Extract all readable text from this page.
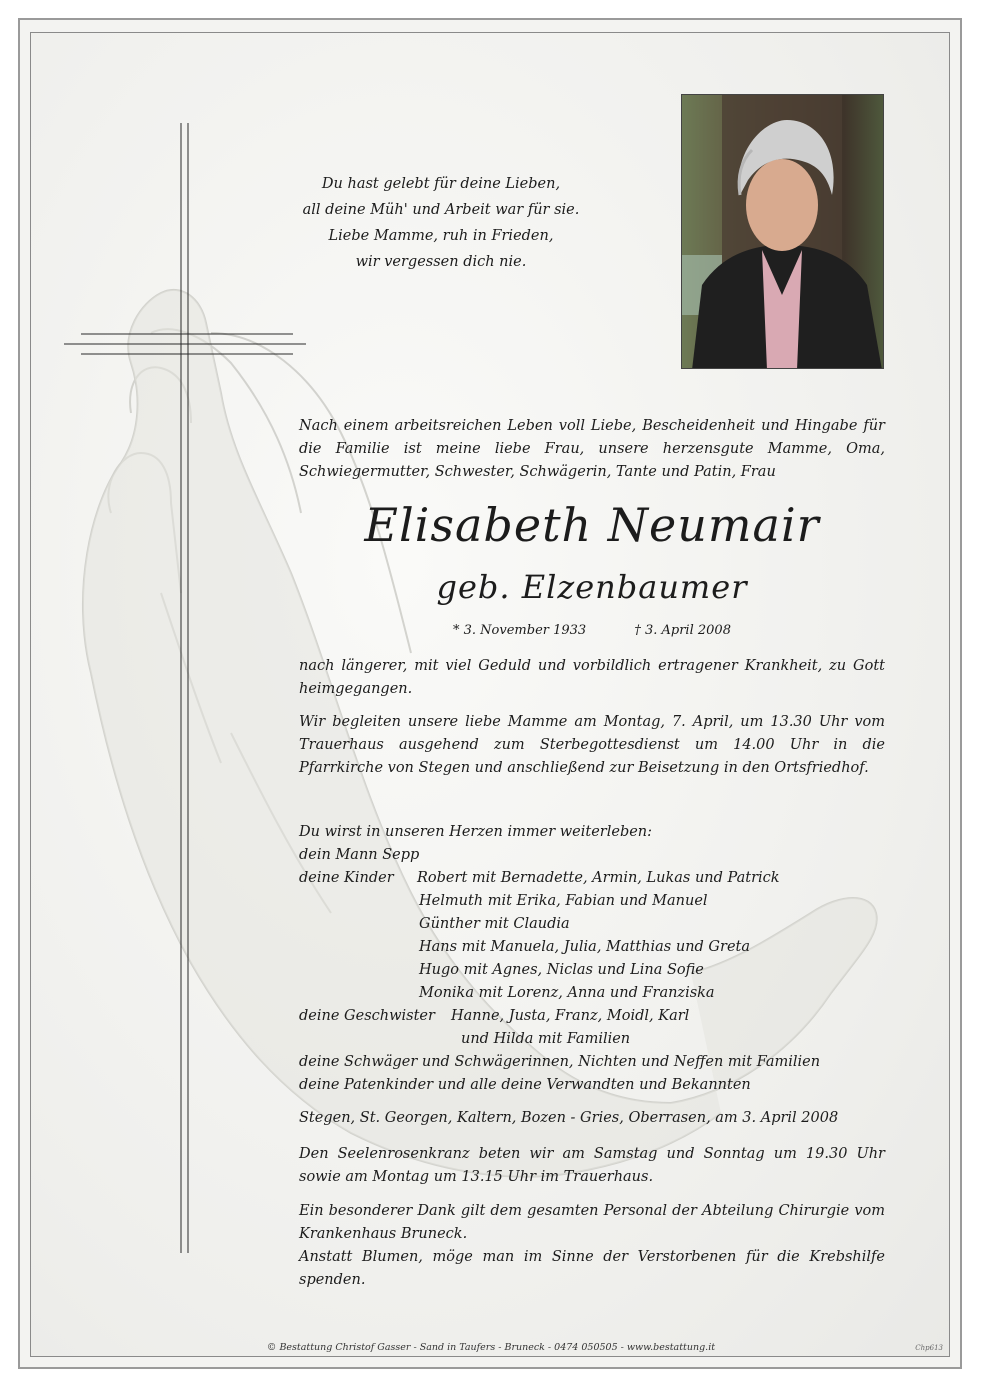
Du hast gelebt für deine Lieben,
all deine Müh' und Arbeit war für sie.
Liebe Mamme, ruh in Frieden,
wir vergessen dich nie.
Nach einem arbeitsreichen Leben voll Liebe, Bescheidenheit und Hingabe für die Familie ist meine liebe Frau, unsere herzensgute Mamme, Oma, Schwiegermutter, Schwester, Schwägerin, Tante und Patin, Frau
Elisabeth Neumair
geb. Elzenbaumer
* 3. November 1933	† 3. April 2008
nach längerer, mit viel Geduld und vorbildlich ertragener Krankheit, zu Gott heimgegangen.
Wir begleiten unsere liebe Mamme am Montag, 7. April, um 13.30 Uhr vom Trauerhaus ausgehend zum Sterbegottesdienst um 14.00 Uhr in die Pfarrkirche von Stegen und anschließend zur Beisetzung in den Ortsfriedhof.
Du wirst in unseren Herzen immer weiterleben:
dein Mann Sepp
deine Kinder Robert mit Bernadette, Armin, Lukas und Patrick
Helmuth mit Erika, Fabian und Manuel
Günther mit Claudia
Hans mit Manuela, Julia, Matthias und Greta
Hugo mit Agnes, Niclas und Lina Sofie
Monika mit Lorenz, Anna und Franziska
deine Geschwister Hanne, Justa, Franz, Moidl, Karl
und Hilda mit Familien
deine Schwäger und Schwägerinnen, Nichten und Neffen mit Familien
deine Patenkinder und alle deine Verwandten und Bekannten
Stegen, St. Georgen, Kaltern, Bozen - Gries, Oberrasen, am 3. April 2008
Den Seelenrosenkranz beten wir am Samstag und Sonntag um 19.30 Uhr sowie am Montag um 13.15 Uhr im Trauerhaus.
Ein besonderer Dank gilt dem gesamten Personal der Abteilung Chirurgie vom Krankenhaus Bruneck.
Anstatt Blumen, möge man im Sinne der Verstorbenen für die Krebshilfe spenden.
© Bestattung Christof Gasser - Sand in Taufers - Bruneck - 0474 050505 - www.bestattung.it	Chp613
